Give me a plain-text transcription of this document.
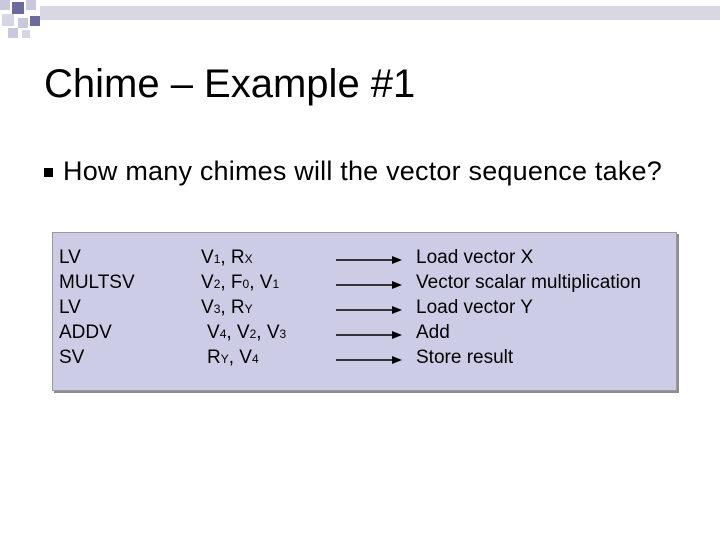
Chime – Example #1
How many chimes will the vector sequence take?
LV
MULTSV
LV
ADDV
SV
V1, RX
V2, F0, V1
V3, RY
V4, V2, V3
RY, V4
Load vector X
Vector scalar multiplication
Load vector Y
Add
Store result
